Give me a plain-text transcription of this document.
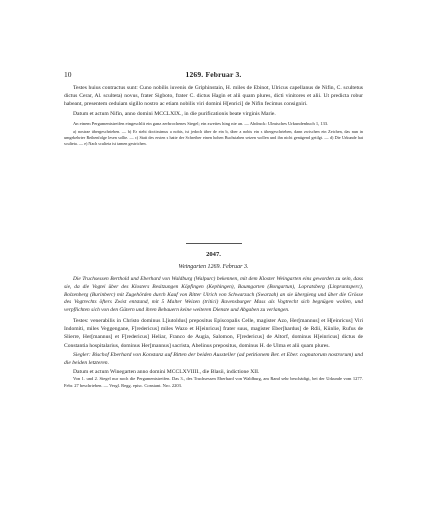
10	1269. Februar 3.

Testes huius contractus sunt: Cuno nobilis iuvenis de Griphinstain, H. miles de Ebinot, Ulricus capellanus de Nifin, C. scultetus dictus Cerar, Al. sculteta) novus, frater Sigboto, frater C. dictus Hagin et alii quam plures, dicti vinitores et alii. Ut predicta robur habeant, presentem ceduiam sigillo nostro ac etiam nobilis viri domini H[enrici] de Nifin fecimus consigniri.

Datum et actum Nifin, anno domini MCCLXIX., in die purificationis beate virginis Marie.

An einem Pergamentstreifen eingeschlit ein ganz zerbrochenes Siegel; ein zweites hing nie an. — Abdruck: Ulmisches Urkundenbuch 1, 133.

a) nostrae übergeschrieben. — b) Er steht doctissimus a nobis, ist jedoch über de ein b, über a nobis ein s übergeschrieben, dann zwischen ein Zeichen, das nun in umgekehrter Reihenfolge lesen sollte. — c) Statt des ersten s hatte der Schreiber einen hohen Buchstaben setzen wollen und ihn nicht genügend getilgt. — d) Die Urkunde hat sculteta. — e) Nach sculteta ist tamen gestrichen.

2047.
Weingarten 1269. Februar 3.

Die Truchsessen Berthold und Eberhard von Waldburg (Walpurc) bekennen, mit dem Kloster Weingarten eins geworden zu sein, dass sie, da die Vogtei über des Klosters Besitzungen Köpfingen (Kephingen), Baumgarten (Bongartun), Lopratsberg (Linprantsperc), Bolzenberg (Burinberc) mit Zugehörden durch Kauf von Ritter Ulrich von Schwarzach (Swarzah) an sie übergieng und über die Grösse des Vogtrechts öfters Zwist entstand, mit 5 Malter Weizen (tritici) Ravensburger Mass als Vogtrecht sich begnügen wollen, und verpflichten sich von den Gütern und ihren Bebauern keine weiteren Dienste und Abgaben zu verlangen.

Testes: venerabilis in Christo dominus L[iutoldus] prepositus Episcopalis Celle, magister Azo, Her[mannus] et H[einricus] Viri Indomiti, miles Veggengane, F[redericus] miles Wazo et H[einricus] frater suus, magister Eber[hardus] de Rdii, Künlie, Rufus de Slierre, Her[mannus] et F[redericus] Heliar, Franco de Augia, Salomon, F[redericus] de Altorf, dominus H[einricus] dictus de Constantia hospitalarius, dominus Her[mannus] sacrista, Abelinus prepositus, dominus H. de Ulma et alii quam plures.

Siegler: Bischof Eberhard von Konstanz auf Bitten der beiden Aussteller (ad petitionem Ber. et Eber. cognatorum nostrorum) und die beiden letzteren.

Datum et actum Winegarten anno domini MCCLXVIIII., die Blasii, indictione XII.

Von 1. und 2. Siegel nur noch die Pergamentstreifen. Das 3., des Truchsessen Eberhard von Waldburg, am Rand sehr beschädigt, bei der Urkunde vom 1277. Febr. 27 beschrieben. — Vergl. Regg. episc. Constant. Nro. 2203.
